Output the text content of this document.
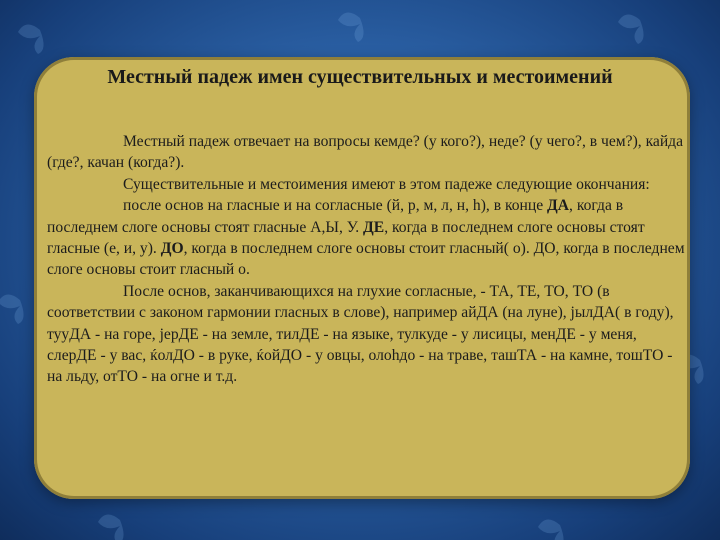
Местный падеж имен существительных и местоимений

Местный падеж отвечает на вопросы кемде? (у кого?), неде? (у чего?, в чем?), кайда (где?, качан (когда?).

Существительные и местоимения имеют в этом падеже следующие окончания:

после основ на гласные и на согласные (й, р, м, л, н, һ), в конце ДА, когда в последнем слоге основы стоят гласные А,Ы, У. ДЕ, когда в последнем слоге основы стоят гласные (е, и, у). ДО, когда в последнем слоге основы стоит гласный( о). ДО, когда в последнем слоге основы стоит гласный о.

После основ, заканчивающихся на глухие согласные, - ТА, ТЕ, ТО, ТО (в соответствии с законом гармонии гласных в слове), например айДА (на луне), јылДА( в году), тууДА - на горе, јерДЕ - на земле, тилДЕ - на языке, тулкуде - у лисицы, менДЕ - у меня, слерДЕ - у вас, ќолДО - в руке, ќойДО - у овцы, олоһдо - на траве, ташТА - на камне, тошТО - на льду, отТО - на огне и т.д.
